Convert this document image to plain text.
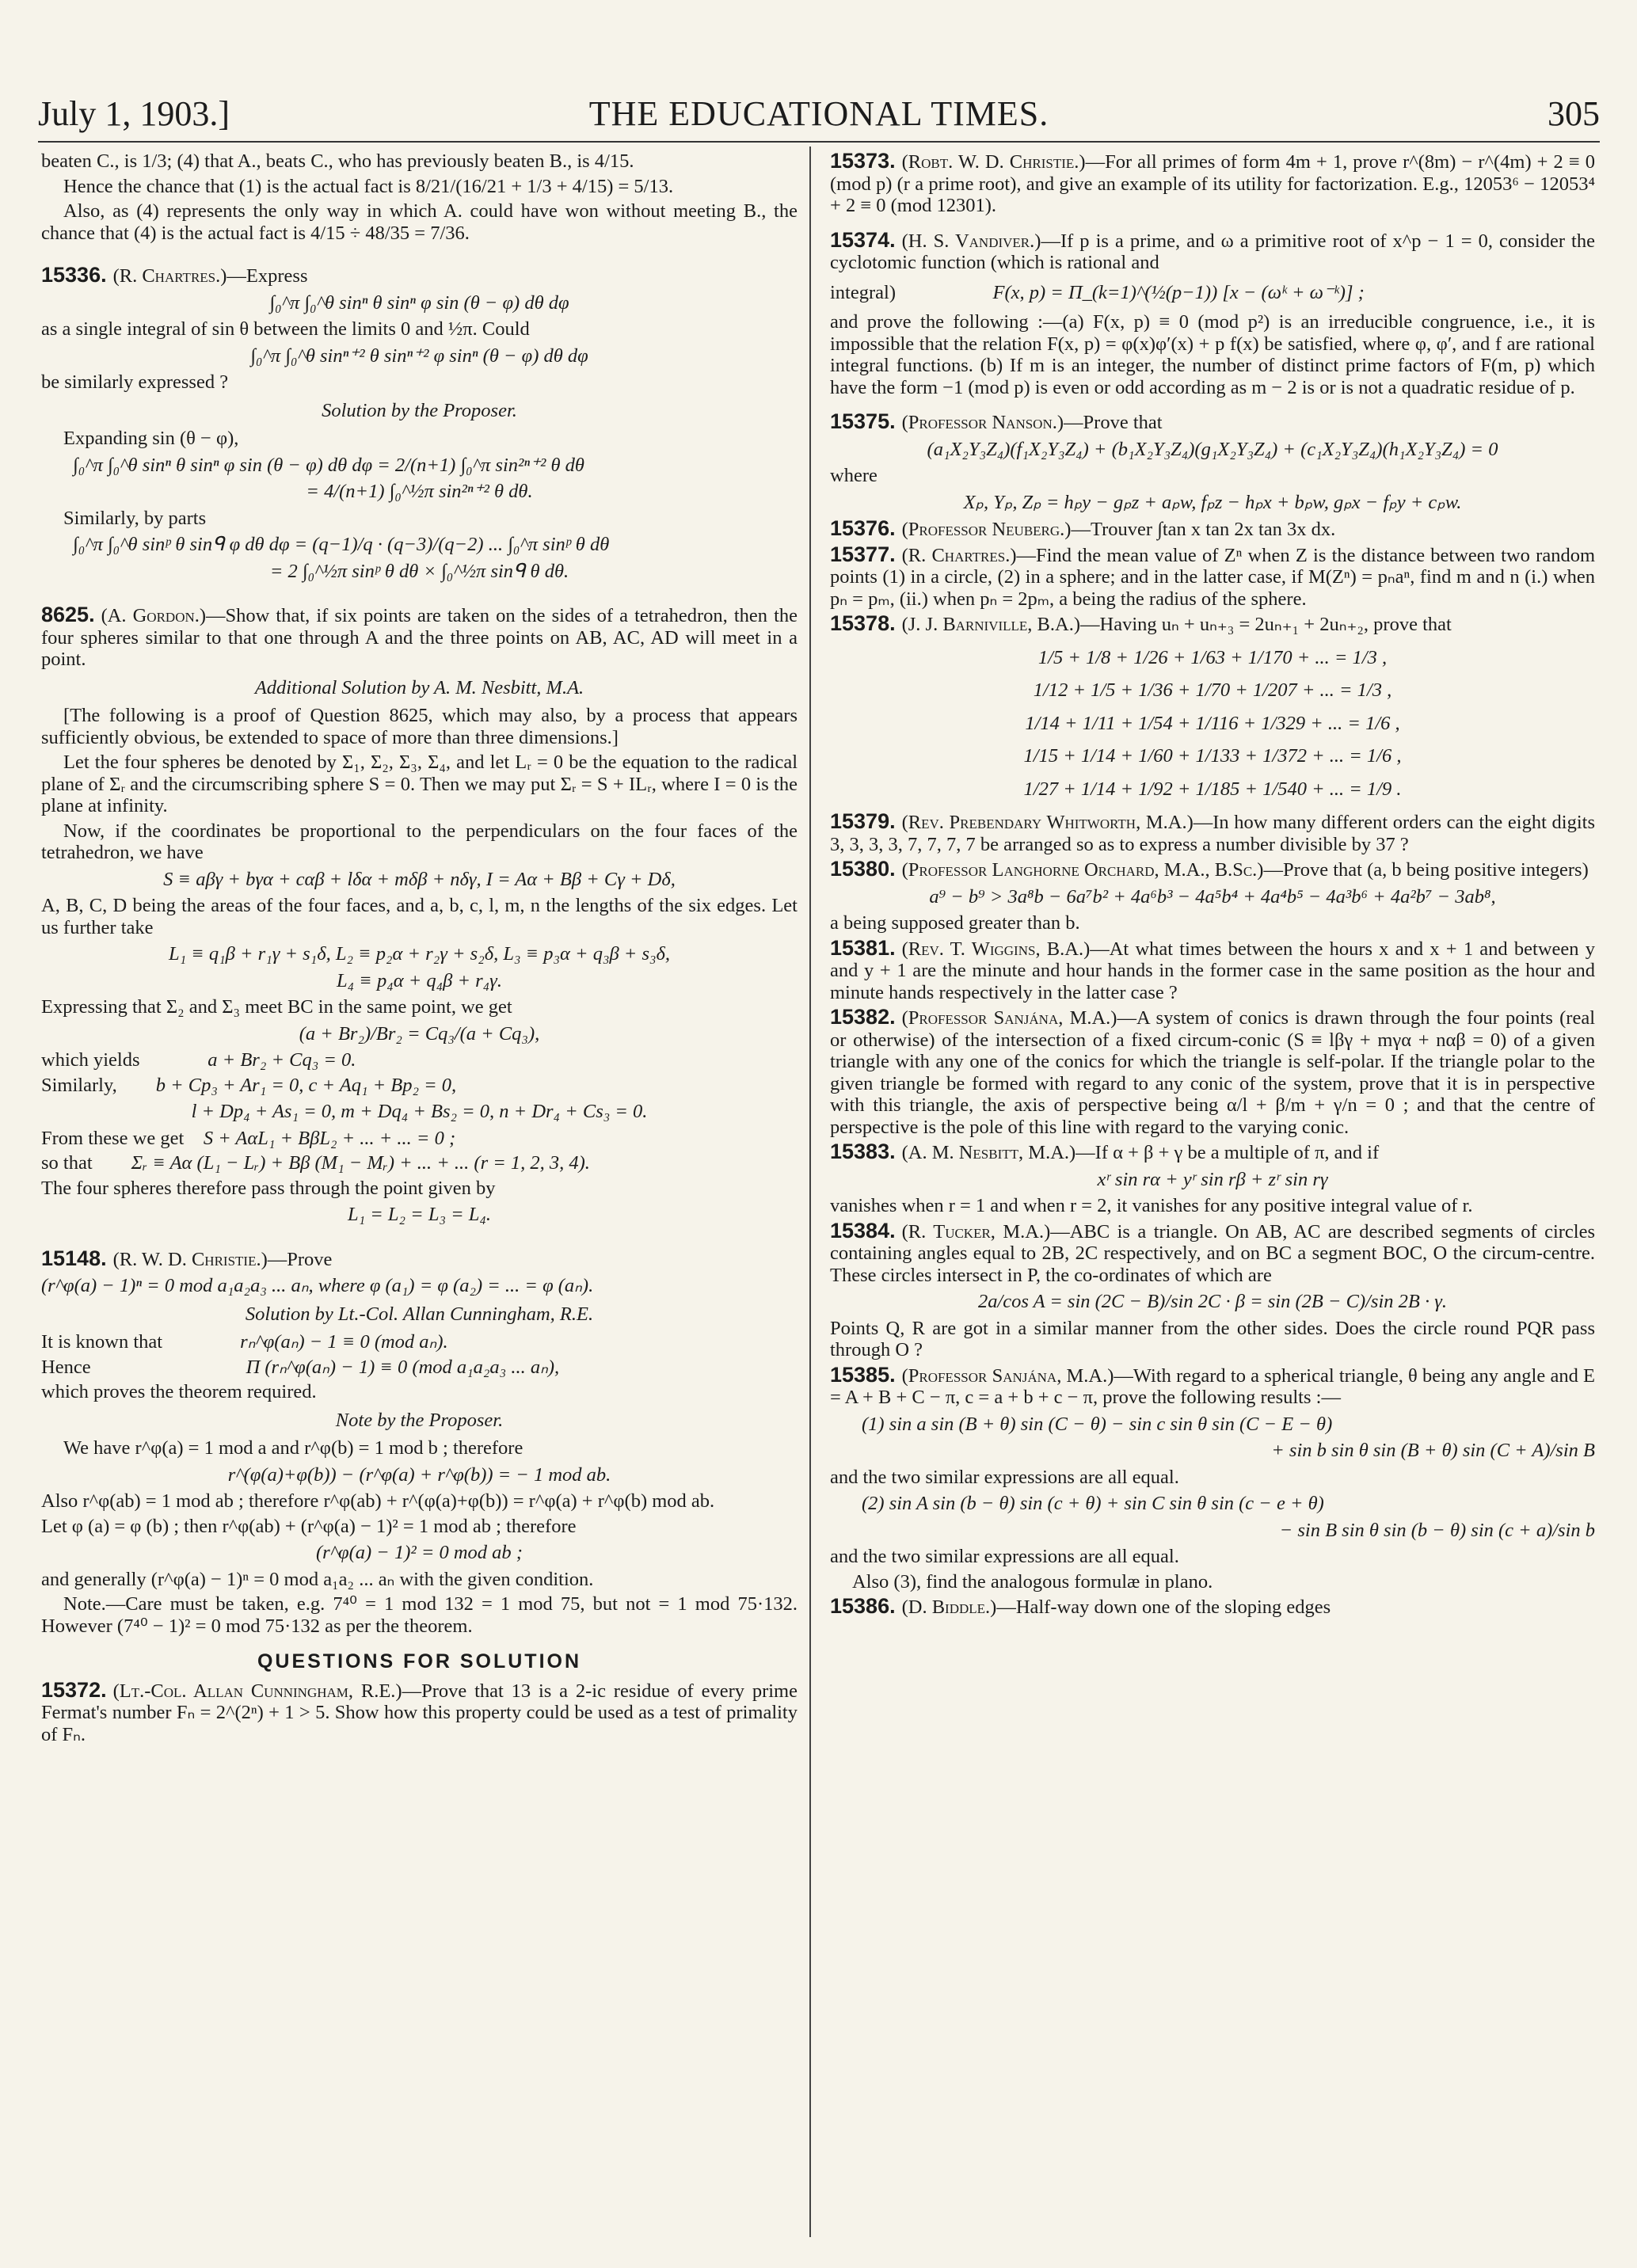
July 1, 1903.]	THE EDUCATIONAL TIMES.	305

beaten C., is 1/3; (4) that A., beats C., who has previously beaten B., is 4/15.

Hence the chance that (1) is the actual fact is 8/21/(16/21 + 1/3 + 4/15) = 5/13.

Also, as (4) represents the only way in which A. could have won without meeting B., the chance that (4) is the actual fact is 4/15 ÷ 48/35 = 7/36.

15336. (R. Chartres.)—Express

∫₀^π ∫₀^θ sinⁿ θ sinⁿ φ sin (θ − φ) dθ dφ

as a single integral of sin θ between the limits 0 and ½π. Could

∫₀^π ∫₀^θ sinⁿ⁺² θ sinⁿ⁺² φ sinⁿ (θ − φ) dθ dφ

be similarly expressed ?

Solution by the Proposer.

Expanding sin (θ − φ),

∫₀^π ∫₀^θ sinⁿ θ sinⁿ φ sin (θ − φ) dθ dφ = 2/(n+1) ∫₀^π sin²ⁿ⁺² θ dθ

= 4/(n+1) ∫₀^½π sin²ⁿ⁺² θ dθ.

Similarly, by parts

∫₀^π ∫₀^θ sinᵖ θ sinᑫ φ dθ dφ = (q−1)/q · (q−3)/(q−2) ... ∫₀^π sinᵖ θ dθ

= 2 ∫₀^½π sinᵖ θ dθ × ∫₀^½π sinᑫ θ dθ.

8625. (A. Gordon.)—Show that, if six points are taken on the sides of a tetrahedron, then the four spheres similar to that one through A and the three points on AB, AC, AD will meet in a point.

Additional Solution by A. M. Nesbitt, M.A.

[The following is a proof of Question 8625, which may also, by a process that appears sufficiently obvious, be extended to space of more than three dimensions.]

Let the four spheres be denoted by Σ₁, Σ₂, Σ₃, Σ₄, and let Lᵣ = 0 be the equation to the radical plane of Σᵣ and the circumscribing sphere S = 0. Then we may put Σᵣ = S + ILᵣ, where I = 0 is the plane at infinity.

Now, if the coordinates be proportional to the perpendiculars on the four faces of the tetrahedron, we have

S ≡ aβγ + bγα + cαβ + lδα + mδβ + nδγ, I = Aα + Bβ + Cγ + Dδ,

A, B, C, D being the areas of the four faces, and a, b, c, l, m, n the lengths of the six edges. Let us further take

L₁ ≡ q₁β + r₁γ + s₁δ, L₂ ≡ p₂α + r₂γ + s₂δ, L₃ ≡ p₃α + q₃β + s₃δ,

L₄ ≡ p₄α + q₄β + r₄γ.

Expressing that Σ₂ and Σ₃ meet BC in the same point, we get

(a + Br₂)/Br₂ = Cq₃/(a + Cq₃),

which yields	a + Br₂ + Cq₃ = 0.

Similarly, b + Cp₃ + Ar₁ = 0, c + Aq₁ + Bp₂ = 0,

l + Dp₄ + As₁ = 0, m + Dq₄ + Bs₂ = 0, n + Dr₄ + Cs₃ = 0.

From these we get S + AαL₁ + BβL₂ + ... + ... = 0 ;

so that Σᵣ ≡ Aα (L₁ − Lᵣ) + Bβ (M₁ − Mᵣ) + ... + ... (r = 1, 2, 3, 4).

The four spheres therefore pass through the point given by

L₁ = L₂ = L₃ = L₄.

15148. (R. W. D. Christie.)—Prove

(r^φ(a) − 1)ⁿ = 0 mod a₁a₂a₃ ... aₙ, where φ (a₁) = φ (a₂) = ... = φ (aₙ).

Solution by Lt.-Col. Allan Cunningham, R.E.

It is known that	rₙ^φ(aₙ) − 1 ≡ 0 (mod aₙ).

Hence	Π (rₙ^φ(aₙ) − 1) ≡ 0 (mod a₁a₂a₃ ... aₙ),

which proves the theorem required.

Note by the Proposer.

We have r^φ(a) = 1 mod a and r^φ(b) = 1 mod b ; therefore

r^(φ(a)+φ(b)) − (r^φ(a) + r^φ(b)) = − 1 mod ab.

Also r^φ(ab) = 1 mod ab ; therefore r^φ(ab) + r^(φ(a)+φ(b)) = r^φ(a) + r^φ(b) mod ab.

Let φ (a) = φ (b) ; then r^φ(ab) + (r^φ(a) − 1)² = 1 mod ab ; therefore

(r^φ(a) − 1)² = 0 mod ab ;

and generally (r^φ(a) − 1)ⁿ = 0 mod a₁a₂ ... aₙ with the given condition.

Note.—Care must be taken, e.g. 7⁴⁰ = 1 mod 132 = 1 mod 75, but not = 1 mod 75·132. However (7⁴⁰ − 1)² = 0 mod 75·132 as per the theorem.

QUESTIONS FOR SOLUTION

15372. (Lt.-Col. Allan Cunningham, R.E.)—Prove that 13 is a 2-ic residue of every prime Fermat's number Fₙ = 2^(2ⁿ) + 1 > 5. Show how this property could be used as a test of primality of Fₙ.

15373. (Robt. W. D. Christie.)—For all primes of form 4m + 1, prove r^(8m) − r^(4m) + 2 ≡ 0 (mod p) (r a prime root), and give an example of its utility for factorization. E.g., 12053⁶ − 12053⁴ + 2 ≡ 0 (mod 12301).

15374. (H. S. Vandiver.)—If p is a prime, and ω a primitive root of x^p − 1 = 0, consider the cyclotomic function (which is rational and

integral)	F(x, p) = Π_(k=1)^(½(p−1)) [x − (ωᵏ + ω⁻ᵏ)] ;

and prove the following :—(a) F(x, p) ≡ 0 (mod p²) is an irreducible congruence, i.e., it is impossible that the relation F(x, p) = φ(x)φ′(x) + p f(x) be satisfied, where φ, φ′, and f are rational integral functions. (b) If m is an integer, the number of distinct prime factors of F(m, p) which have the form −1 (mod p) is even or odd according as m − 2 is or is not a quadratic residue of p.

15375. (Professor Nanson.)—Prove that

(a₁X₂Y₃Z₄)(f₁X₂Y₃Z₄) + (b₁X₂Y₃Z₄)(g₁X₂Y₃Z₄) + (c₁X₂Y₃Z₄)(h₁X₂Y₃Z₄) = 0

where

Xₚ, Yₚ, Zₚ = hₚy − gₚz + aₚw, fₚz − hₚx + bₚw, gₚx − fₚy + cₚw.

15376. (Professor Neuberg.)—Trouver ∫tan x tan 2x tan 3x dx.

15377. (R. Chartres.)—Find the mean value of Zⁿ when Z is the distance between two random points (1) in a circle, (2) in a sphere; and in the latter case, if M(Zⁿ) = pₙaⁿ, find m and n (i.) when pₙ = pₘ, (ii.) when pₙ = 2pₘ, a being the radius of the sphere.

15378. (J. J. Barniville, B.A.)—Having uₙ + uₙ₊₃ = 2uₙ₊₁ + 2uₙ₊₂, prove that

1/5 + 1/8 + 1/26 + 1/63 + 1/170 + ... = 1/3 ,

1/12 + 1/5 + 1/36 + 1/70 + 1/207 + ... = 1/3 ,

1/14 + 1/11 + 1/54 + 1/116 + 1/329 + ... = 1/6 ,

1/15 + 1/14 + 1/60 + 1/133 + 1/372 + ... = 1/6 ,

1/27 + 1/14 + 1/92 + 1/185 + 1/540 + ... = 1/9 .

15379. (Rev. Prebendary Whitworth, M.A.)—In how many different orders can the eight digits 3, 3, 3, 3, 7, 7, 7, 7 be arranged so as to express a number divisible by 37 ?

15380. (Professor Langhorne Orchard, M.A., B.Sc.)—Prove that (a, b being positive integers)

a⁹ − b⁹ > 3a⁸b − 6a⁷b² + 4a⁶b³ − 4a⁵b⁴ + 4a⁴b⁵ − 4a³b⁶ + 4a²b⁷ − 3ab⁸,

a being supposed greater than b.

15381. (Rev. T. Wiggins, B.A.)—At what times between the hours x and x + 1 and between y and y + 1 are the minute and hour hands in the former case in the same position as the hour and minute hands respectively in the latter case ?

15382. (Professor Sanjána, M.A.)—A system of conics is drawn through the four points (real or otherwise) of the intersection of a fixed circum-conic (S ≡ lβγ + mγα + nαβ = 0) of a given triangle with any one of the conics for which the triangle is self-polar. If the triangle polar to the given triangle be formed with regard to any conic of the system, prove that it is in perspective with this triangle, the axis of perspective being α/l + β/m + γ/n = 0 ; and that the centre of perspective is the pole of this line with regard to the varying conic.

15383. (A. M. Nesbitt, M.A.)—If α + β + γ be a multiple of π, and if

xʳ sin rα + yʳ sin rβ + zʳ sin rγ

vanishes when r = 1 and when r = 2, it vanishes for any positive integral value of r.

15384. (R. Tucker, M.A.)—ABC is a triangle. On AB, AC are described segments of circles containing angles equal to 2B, 2C respectively, and on BC a segment BOC, O the circum-centre. These circles intersect in P, the co-ordinates of which are

2a/cos A = sin (2C − B)/sin 2C · β = sin (2B − C)/sin 2B · γ.

Points Q, R are got in a similar manner from the other sides. Does the circle round PQR pass through O ?

15385. (Professor Sanjána, M.A.)—With regard to a spherical triangle, θ being any angle and E = A + B + C − π, c = a + b + c − π, prove the following results :—

(1) sin a sin (B + θ) sin (C − θ) − sin c sin θ sin (C − E − θ)

+ sin b sin θ sin (B + θ) sin (C + A)/sin B

and the two similar expressions are all equal.

(2) sin A sin (b − θ) sin (c + θ) + sin C sin θ sin (c − e + θ)

− sin B sin θ sin (b − θ) sin (c + a)/sin b

and the two similar expressions are all equal.

Also (3), find the analogous formulæ in plano.

15386. (D. Biddle.)—Half-way down one of the sloping edges
